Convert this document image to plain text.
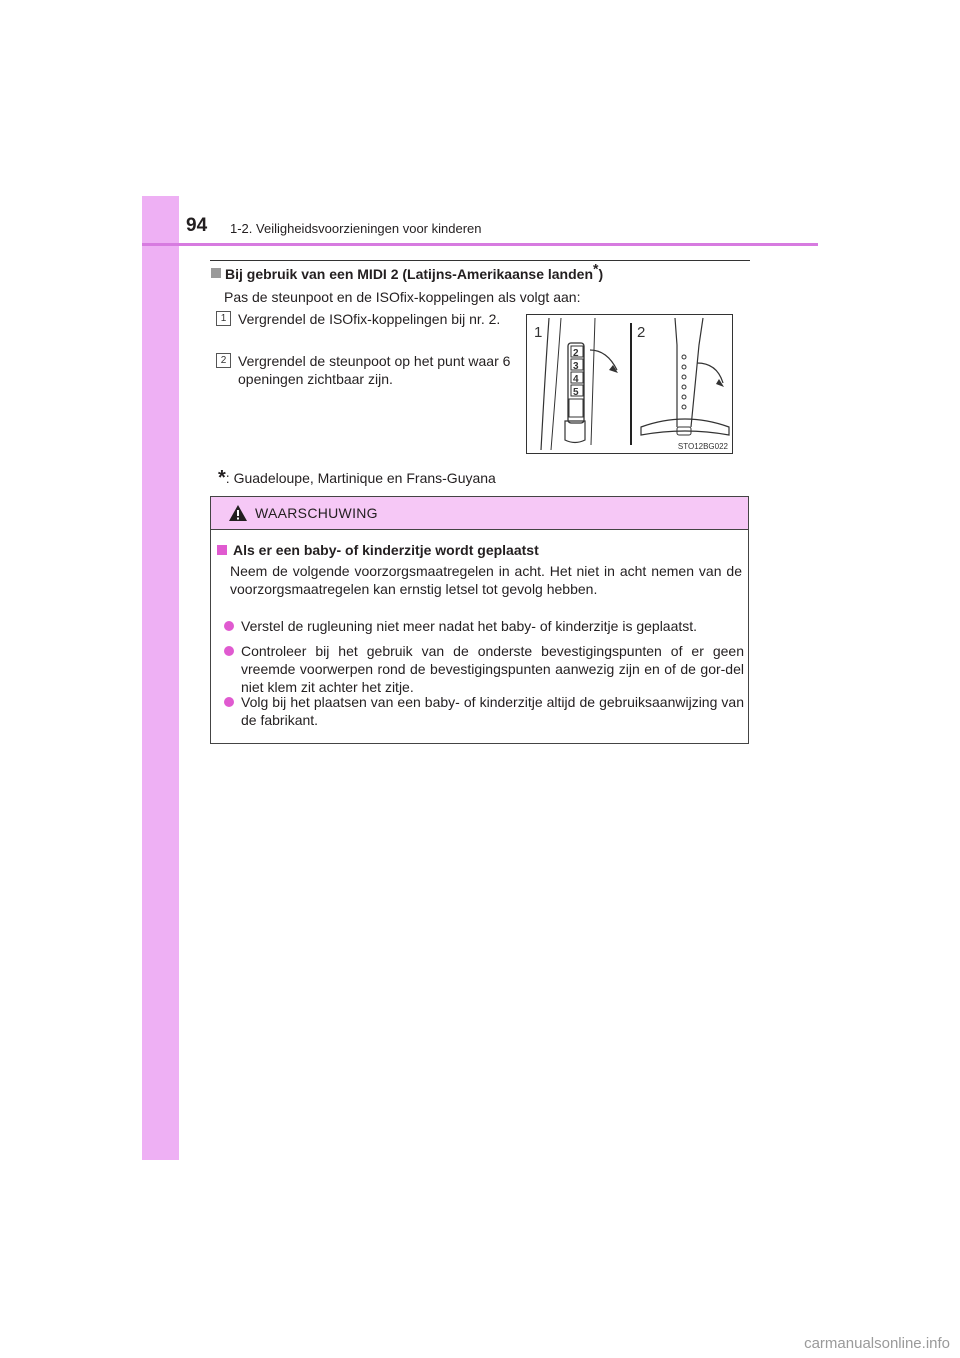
94 1-2. Veiligheidsvoorzieningen voor kinderen
Bij gebruik van een MIDI 2 (Latijns-Amerikaanse landen*)
Pas de steunpoot en de ISOfix-koppelingen als volgt aan:
1 Vergrendel de ISOfix-koppelingen bij nr. 2.
2 Vergrendel de steunpoot op het punt waar 6 openingen zichtbaar zijn.
1
2
3
4
5
2
STO12BG022
*: Guadeloupe, Martinique en Frans-Guyana
WAARSCHUWING
Als er een baby- of kinderzitje wordt geplaatst
Neem de volgende voorzorgsmaatregelen in acht. Het niet in acht nemen van de voorzorgsmaatregelen kan ernstig letsel tot gevolg hebben.
Verstel de rugleuning niet meer nadat het baby- of kinderzitje is geplaatst.
Controleer bij het gebruik van de onderste bevestigingspunten of er geen vreemde voorwerpen rond de bevestigingspunten aanwezig zijn en of de gor-del niet klem zit achter het zitje.
Volg bij het plaatsen van een baby- of kinderzitje altijd de gebruiksaanwijzing van de fabrikant.
carmanualsonline.info
